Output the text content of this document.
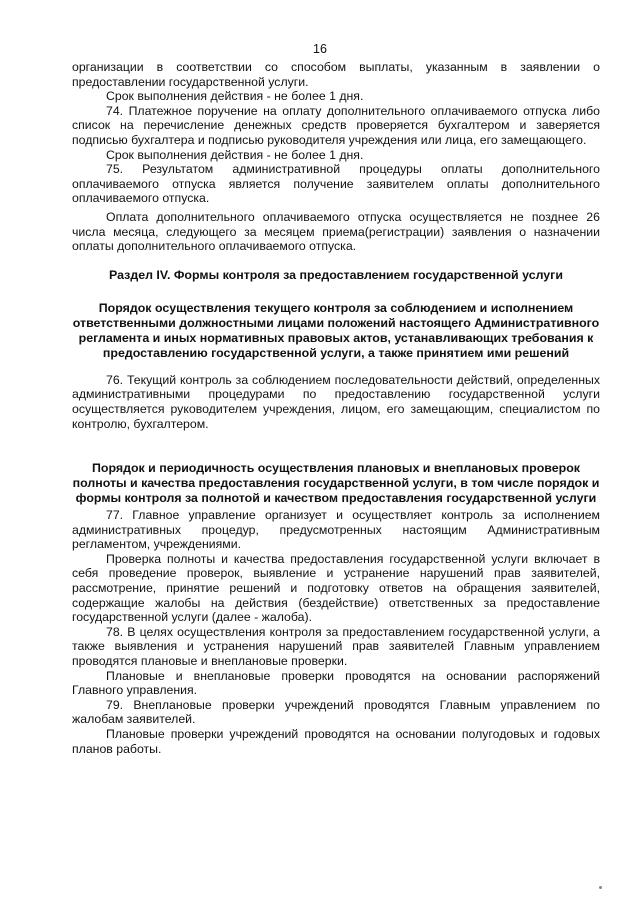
16

организации в соответствии со способом выплаты, указанным в заявлении о предоставлении государственной услуги.

Срок выполнения действия - не более 1 дня.

74. Платежное поручение на оплату дополнительного оплачиваемого отпуска либо список на перечисление денежных средств проверяется бухгалтером и заверяется подписью бухгалтера и подписью руководителя учреждения или лица, его замещающего.

Срок выполнения действия - не более 1 дня.

75. Результатом административной процедуры оплаты дополнительного оплачиваемого отпуска является получение заявителем оплаты дополнительного оплачиваемого отпуска.

Оплата дополнительного оплачиваемого отпуска осуществляется не позднее 26 числа месяца, следующего за месяцем приема(регистрации) заявления о назначении оплаты дополнительного оплачиваемого отпуска.

Раздел IV. Формы контроля за предоставлением государственной услуги
Порядок осуществления текущего контроля за соблюдением и исполнением ответственными должностными лицами положений настоящего Административного регламента и иных нормативных правовых актов, устанавливающих требования к предоставлению государственной услуги, а также принятием ими решений

76. Текущий контроль за соблюдением последовательности действий, определенных административными процедурами по предоставлению государственной услуги осуществляется руководителем учреждения, лицом, его замещающим, специалистом по контролю, бухгалтером.

Порядок и периодичность осуществления плановых и внеплановых проверок полноты и качества предоставления государственной услуги, в том числе порядок и формы контроля за полнотой и качеством предоставления государственной услуги

77. Главное управление организует и осуществляет контроль за исполнением административных процедур, предусмотренных настоящим Административным регламентом, учреждениями.

Проверка полноты и качества предоставления государственной услуги включает в себя проведение проверок, выявление и устранение нарушений прав заявителей, рассмотрение, принятие решений и подготовку ответов на обращения заявителей, содержащие жалобы на действия (бездействие) ответственных за предоставление государственной услуги (далее - жалоба).

78. В целях осуществления контроля за предоставлением государственной услуги, а также выявления и устранения нарушений прав заявителей Главным управлением проводятся плановые и внеплановые проверки.

Плановые и внеплановые проверки проводятся на основании распоряжений Главного управления.

79. Внеплановые проверки учреждений проводятся Главным управлением по жалобам заявителей.

Плановые проверки учреждений проводятся на основании полугодовых и годовых планов работы.
